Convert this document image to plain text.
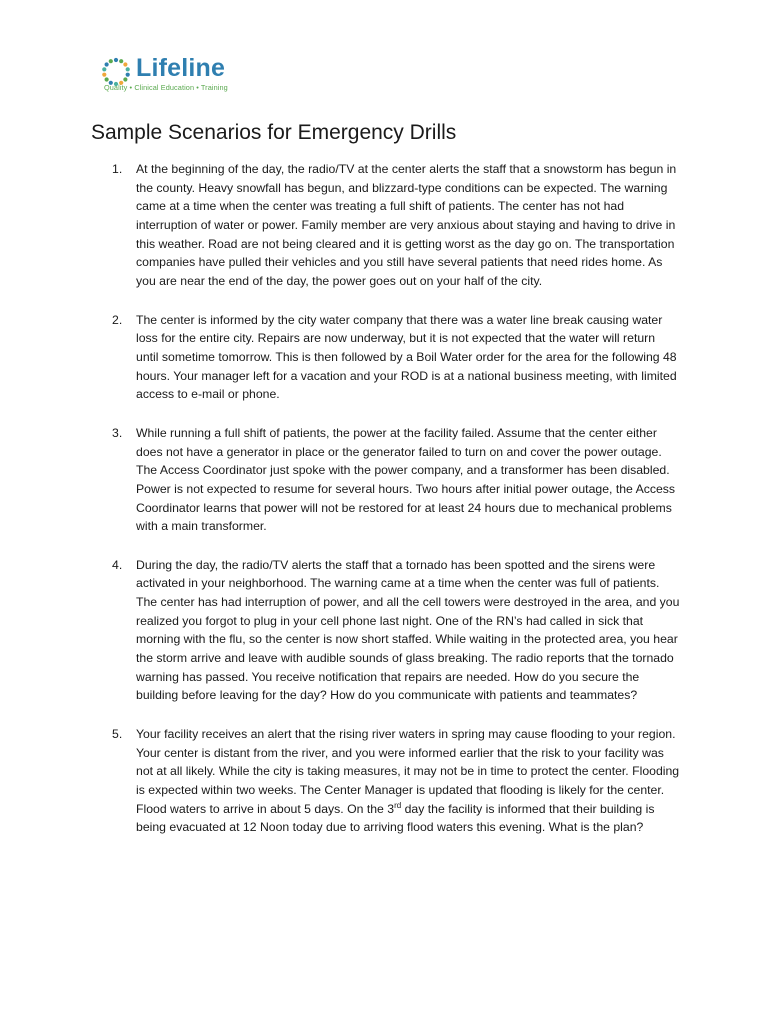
Lifeline
Quality • Clinical Education • Training
Sample Scenarios for Emergency Drills
1. At the beginning of the day, the radio/TV at the center alerts the staff that a snowstorm has begun in the county. Heavy snowfall has begun, and blizzard-type conditions can be expected. The warning came at a time when the center was treating a full shift of patients. The center has not had interruption of water or power. Family member are very anxious about staying and having to drive in this weather. Road are not being cleared and it is getting worst as the day go on. The transportation companies have pulled their vehicles and you still have several patients that need rides home. As you are near the end of the day, the power goes out on your half of the city.
2. The center is informed by the city water company that there was a water line break causing water loss for the entire city. Repairs are now underway, but it is not expected that the water will return until sometime tomorrow. This is then followed by a Boil Water order for the area for the following 48 hours. Your manager left for a vacation and your ROD is at a national business meeting, with limited access to e-mail or phone.
3. While running a full shift of patients, the power at the facility failed. Assume that the center either does not have a generator in place or the generator failed to turn on and cover the power outage. The Access Coordinator just spoke with the power company, and a transformer has been disabled. Power is not expected to resume for several hours. Two hours after initial power outage, the Access Coordinator learns that power will not be restored for at least 24 hours due to mechanical problems with a main transformer.
4. During the day, the radio/TV alerts the staff that a tornado has been spotted and the sirens were activated in your neighborhood. The warning came at a time when the center was full of patients. The center has had interruption of power, and all the cell towers were destroyed in the area, and you realized you forgot to plug in your cell phone last night. One of the RN’s had called in sick that morning with the flu, so the center is now short staffed. While waiting in the protected area, you hear the storm arrive and leave with audible sounds of glass breaking. The radio reports that the tornado warning has passed. You receive notification that repairs are needed. How do you secure the building before leaving for the day? How do you communicate with patients and teammates?
5. Your facility receives an alert that the rising river waters in spring may cause flooding to your region. Your center is distant from the river, and you were informed earlier that the risk to your facility was not at all likely. While the city is taking measures, it may not be in time to protect the center. Flooding is expected within two weeks. The Center Manager is updated that flooding is likely for the center. Flood waters to arrive in about 5 days. On the 3rd day the facility is informed that their building is being evacuated at 12 Noon today due to arriving flood waters this evening. What is the plan?
